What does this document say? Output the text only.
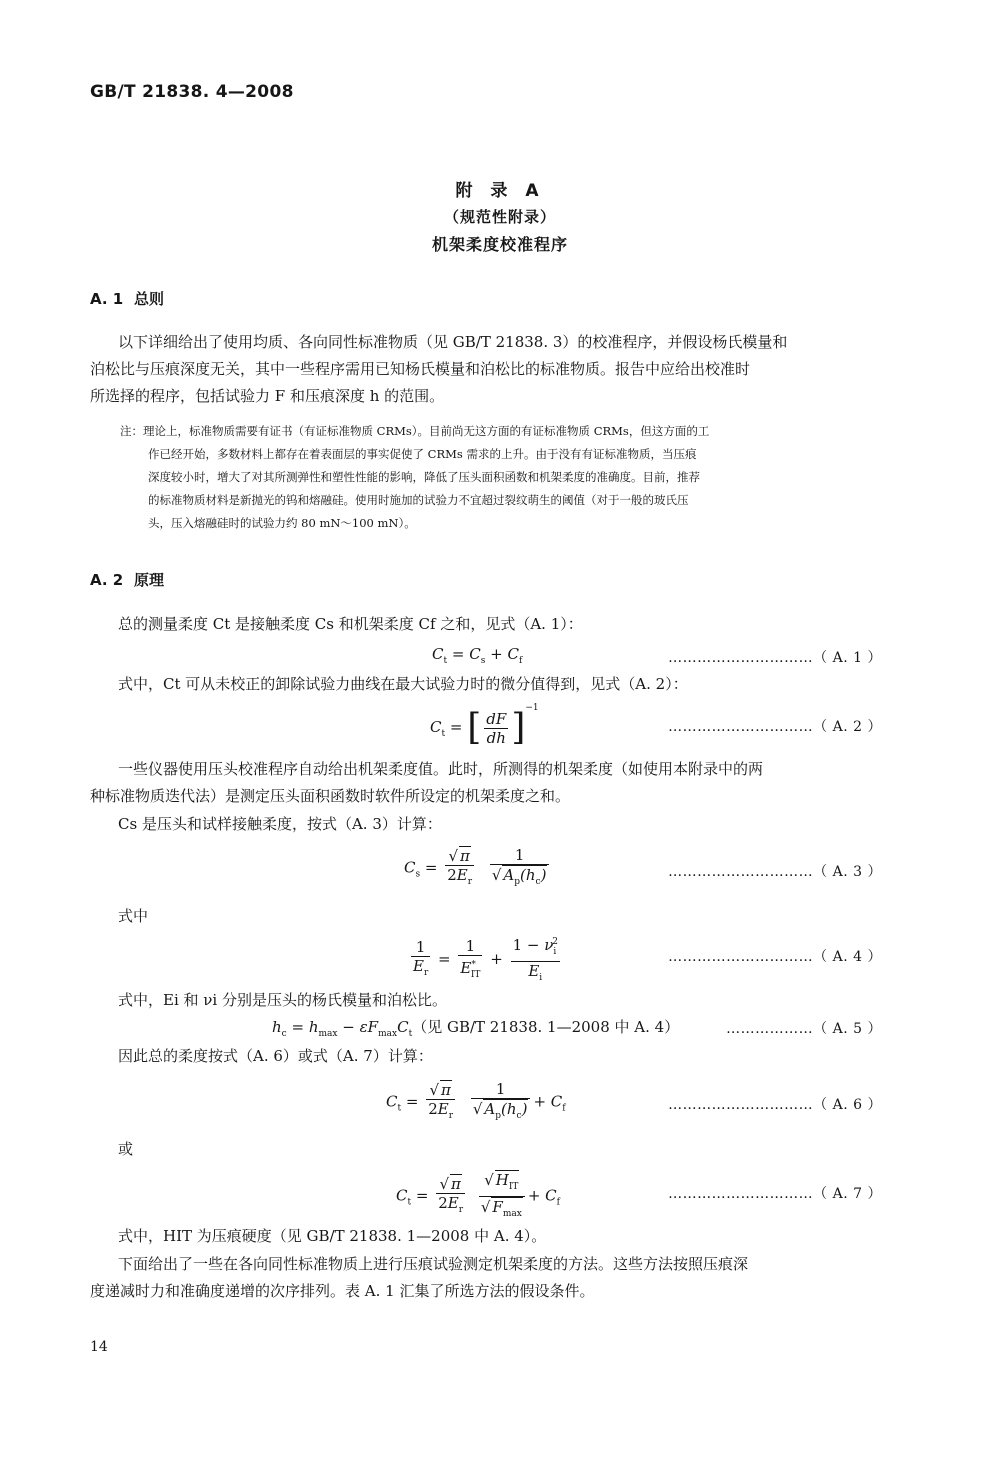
GB/T 21838. 4—2008
附 录 A
（规范性附录）
机架柔度校准程序
A. 1 总则
以下详细给出了使用均质、各向同性标准物质（见 GB/T 21838. 3）的校准程序，并假设杨氏模量和
泊松比与压痕深度无关，其中一些程序需用已知杨氏模量和泊松比的标准物质。报告中应给出校准时
所选择的程序，包括试验力 F 和压痕深度 h 的范围。
注：理论上，标准物质需要有证书（有证标准物质 CRMs）。目前尚无这方面的有证标准物质 CRMs，但这方面的工
作已经开始，多数材料上都存在着表面层的事实促使了 CRMs 需求的上升。由于没有有证标准物质，当压痕
深度较小时，增大了对其所测弹性和塑性性能的影响，降低了压头面积函数和机架柔度的准确度。目前，推荐
的标准物质材料是新抛光的钨和熔融硅。使用时施加的试验力不宜超过裂纹萌生的阈值（对于一般的玻氏压
头，压入熔融硅时的试验力约 80 mN～100 mN）。
A. 2 原理
总的测量柔度 Ct 是接触柔度 Cs 和机架柔度 Cf 之和，见式（A. 1）：
$C_t = C_s + C_f$	…………………………（ A. 1 ）
式中，Ct 可从未校正的卸除试验力曲线在最大试验力时的微分值得到，见式（A. 2）：
$C_t$ = [ $\frac{dF}{dh} ]^{-1}$
…………………………（ A. 2 ）
一些仪器使用压头校准程序自动给出机架柔度值。此时，所测得的机架柔度（如使用本附录中的两
种标准物质迭代法）是测定压头面积函数时软件所设定的机架柔度之和。
Cs 是压头和试样接触柔度，按式（A. 3）计算：
$C_s = \frac{√ \pi}{2E_r}$
$\frac{1}{√ A_p(h_c)}$	…………………………（ A. 3 ）
式中
$\frac{1}{E_r} = \frac{1}{E^*_{IT}} + \frac{1 - \nu_i^2}{E_i}$	…………………………（ A. 4 ）
式中，Ei 和 νi 分别是压头的杨氏模量和泊松比。
$h_c = h_{max} - \varepsilon F_{max}C_t$（见 GB/T 21838. 1—2008 中 A. 4）	………………（ A. 5 ）
因此总的柔度按式（A. 6）或式（A. 7）计算：
$C_t = \frac{√ \pi}{2E_r}$
$\frac{1}{√ A_p(h_c)} + C_f$	…………………………（ A. 6 ）
或
$C_t = \frac{√ \pi}{2E_r}$
$\frac{√ H_{IT}}{√ F_{max}} + C_f$
…………………………（ A. 7 ）
式中，HIT 为压痕硬度（见 GB/T 21838. 1—2008 中 A. 4）。
下面给出了一些在各向同性标准物质上进行压痕试验测定机架柔度的方法。这些方法按照压痕深
度递减时力和准确度递增的次序排列。表 A. 1 汇集了所选方法的假设条件。
14
